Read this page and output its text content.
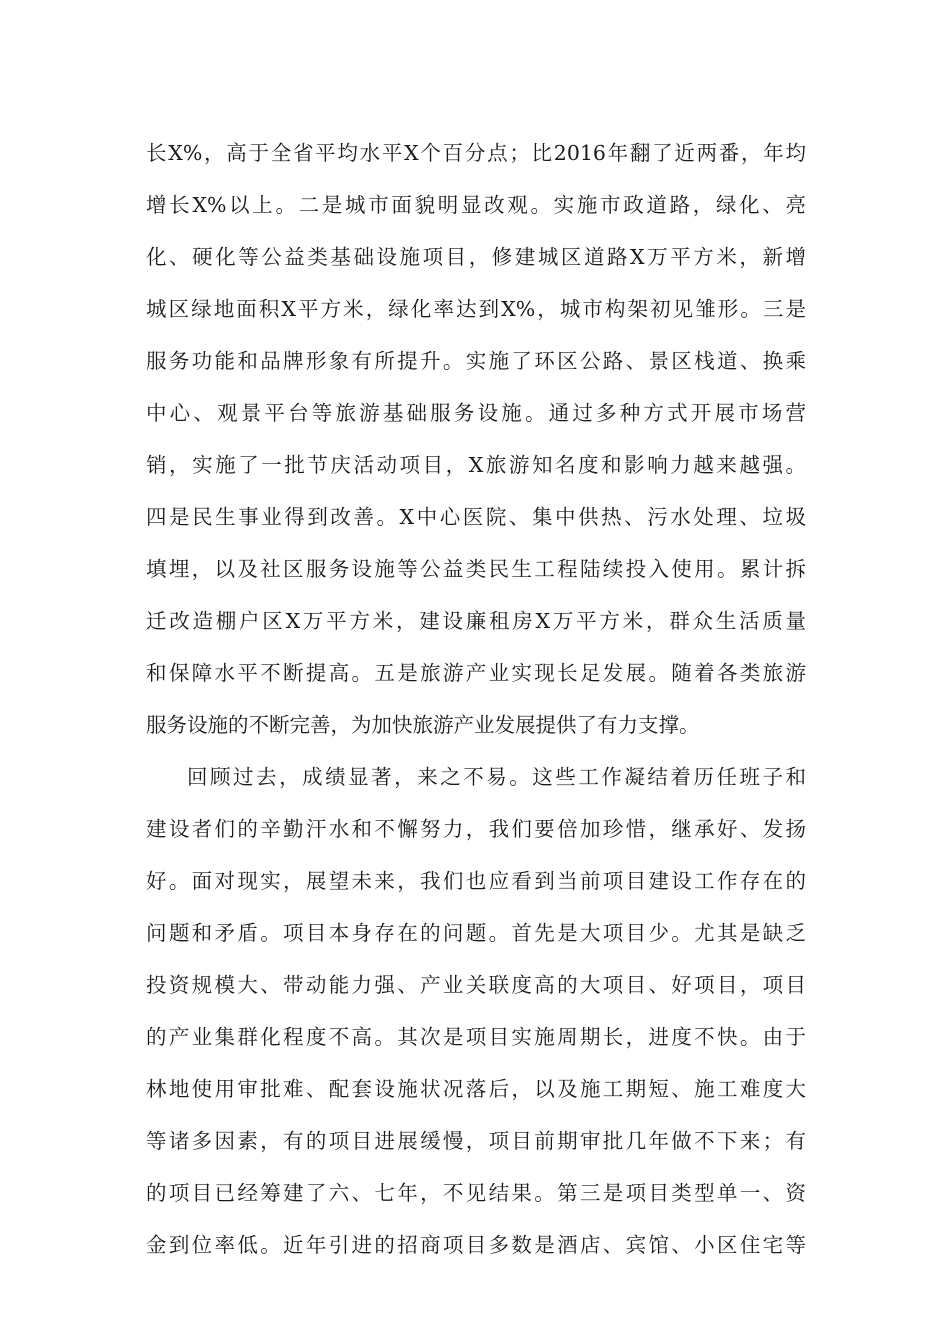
长X%，高于全省平均水平X个百分点；比2016年翻了近两番，年均
增长X%以上。二是城市面貌明显改观。实施市政道路，绿化、亮
化、硬化等公益类基础设施项目，修建城区道路X万平方米，新增
城区绿地面积X平方米，绿化率达到X%，城市构架初见雏形。三是
服务功能和品牌形象有所提升。实施了环区公路、景区栈道、换乘
中心、观景平台等旅游基础服务设施。通过多种方式开展市场营
销，实施了一批节庆活动项目，X旅游知名度和影响力越来越强。
四是民生事业得到改善。X中心医院、集中供热、污水处理、垃圾
填埋，以及社区服务设施等公益类民生工程陆续投入使用。累计拆
迁改造棚户区X万平方米，建设廉租房X万平方米，群众生活质量
和保障水平不断提高。五是旅游产业实现长足发展。随着各类旅游
服务设施的不断完善，为加快旅游产业发展提供了有力支撑。
回顾过去，成绩显著，来之不易。这些工作凝结着历任班子和
建设者们的辛勤汗水和不懈努力，我们要倍加珍惜，继承好、发扬
好。面对现实，展望未来，我们也应看到当前项目建设工作存在的
问题和矛盾。项目本身存在的问题。首先是大项目少。尤其是缺乏
投资规模大、带动能力强、产业关联度高的大项目、好项目，项目
的产业集群化程度不高。其次是项目实施周期长，进度不快。由于
林地使用审批难、配套设施状况落后，以及施工期短、施工难度大
等诸多因素，有的项目进展缓慢，项目前期审批几年做不下来；有
的项目已经筹建了六、七年，不见结果。第三是项目类型单一、资
金到位率低。近年引进的招商项目多数是酒店、宾馆、小区住宅等
